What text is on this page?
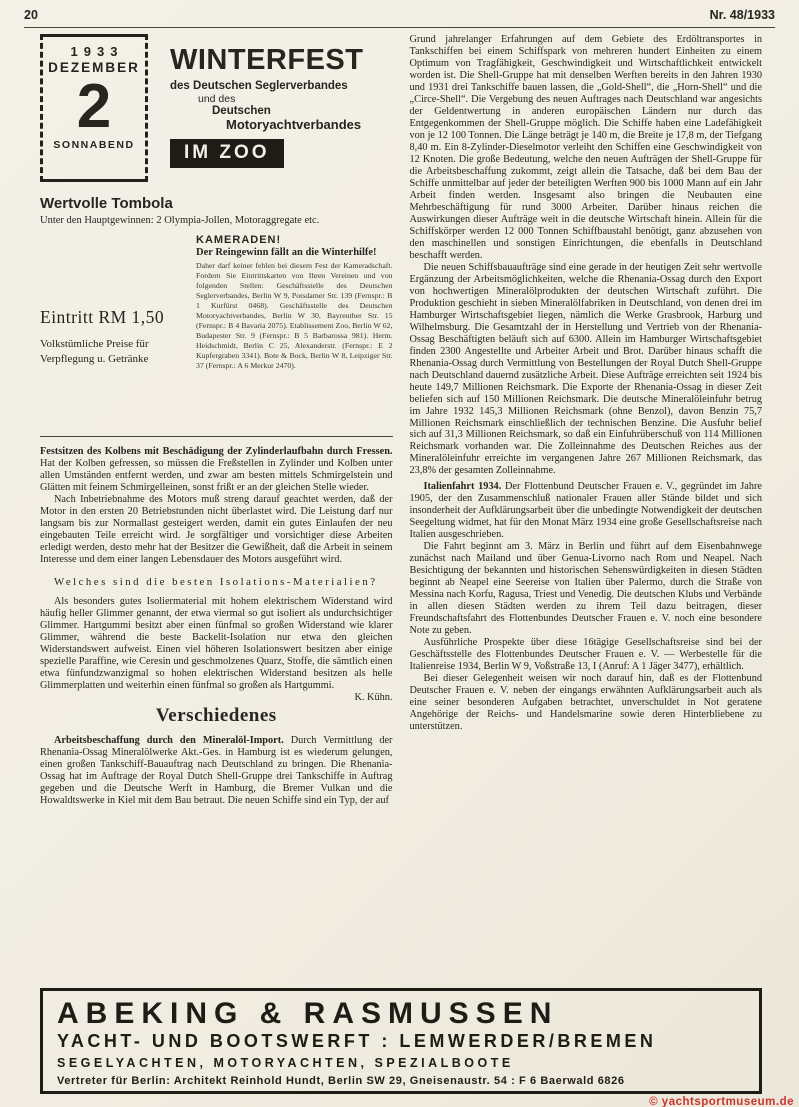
20	Nr. 48/1933
1933
DEZEMBER
2
SONNABEND
WINTERFEST
des Deutschen Seglerverbandes
und des
Deutschen
Motoryachtverbandes
IM ZOO
Wertvolle Tombola
Unter den Hauptgewinnen: 2 Olympia-Jollen, Motoraggregate etc.
Eintritt RM 1,50
Volkstümliche Preise für Verpflegung u. Getränke
KAMERADEN!
Der Reingewinn fällt an die Winterhilfe!
Daher darf keiner fehlen bei diesem Fest der Kameradschaft. Fordern Sie Eintrittskarten von Ihren Vereinen und von folgenden Stellen: Geschäftsstelle des Deutschen Seglerverbandes, Berlin W 9, Potsdamer Str. 139 (Fernspr.: B 1 Kurfürst 0468). Geschäftsstelle des Deutschen Motoryachtverbandes, Berlin W 30, Bayreuther Str. 15 (Fernspr.: B 4 Bavaria 2075). Etablissement Zoo, Berlin W 62, Budapester Str. 9 (Fernspr.: B 5 Barbarossa 981). Herm. Heidschmidt, Berlin C 25, Alexanderstr. (Fernspr.: E 2 Kupfergraben 3341). Bote & Bock, Berlin W 8, Leipziger Str. 37 (Fernspr.: A 6 Merkur 2470).

Festsitzen des Kolbens mit Beschädigung der Zylinderlaufbahn durch Fressen. Hat der Kolben gefressen, so müssen die Freßstellen in Zylinder und Kolben unter allen Umständen entfernt werden, und zwar am besten mittels Schmirgelstein und Glätten mit feinem Schmirgelleinen, sonst frißt er an der gleichen Stelle wieder.

Nach Inbetriebnahme des Motors muß streng darauf geachtet werden, daß der Motor in den ersten 20 Betriebstunden nicht überlastet wird. Die Leistung darf nur langsam bis zur Normallast gesteigert werden, damit ein gutes Einlaufen der neu eingebauten Teile erreicht wird. Je sorgfältiger und vorsichtiger diese Arbeiten erledigt werden, desto mehr hat der Besitzer die Gewißheit, daß die Arbeit in seinem Interesse und dem einer langen Lebensdauer des Motors ausgeführt wird.

Welches sind die besten Isolations-Materialien?

Als besonders gutes Isoliermaterial mit hohem elektrischem Widerstand wird häufig heller Glimmer genannt, der etwa viermal so gut isoliert als undurchsichtiger Glimmer. Hartgummi besitzt aber einen fünfmal so großen Widerstand wie klarer Glimmer, während die beste Backelit-Isolation nur etwa den gleichen Widerstandswert aufweist. Einen viel höheren Isolationswert besitzen aber einige spezielle Paraffine, wie Ceresin und geschmolzenes Quarz, Stoffe, die sämtlich einen etwa fünfundzwanzigmal so hohen elektrischen Widerstand besitzen als helle Glimmerplatten und weiterhin einen fünfmal so großen als Hartgummi.
K. Kühn.

Verschiedenes

Arbeitsbeschaffung durch den Mineralöl-Import. Durch Vermittlung der Rhenania-Ossag Mineralölwerke Akt.-Ges. in Hamburg ist es wiederum gelungen, einen großen Tankschiff-Bauauftrag nach Deutschland zu bringen. Die Rhenania-Ossag hat im Auftrage der Royal Dutch Shell-Gruppe drei Tankschiffe in Auftrag gegeben und die Deutsche Werft in Hamburg, die Bremer Vulkan und die Howaldtswerke in Kiel mit dem Bau betraut. Die neuen Schiffe sind ein Typ, der auf

Grund jahrelanger Erfahrungen auf dem Gebiete des Erdöltransportes in Tankschiffen bei einem Schiffspark von mehreren hundert Einheiten zu einem Optimum von Tragfähigkeit, Geschwindigkeit und Wirtschaftlichkeit entwickelt worden ist. Die Shell-Gruppe hat mit denselben Werften bereits in den Jahren 1930 und 1931 drei Tankschiffe bauen lassen, die „Gold-Shell“, die „Horn-Shell“ und die „Circe-Shell“. Die Vergebung des neuen Auftrages nach Deutschland war angesichts der Geldentwertung in anderen europäischen Ländern nur durch das Entgegenkommen der Shell-Gruppe möglich. Die Schiffe haben eine Ladefähigkeit von je 12 100 Tonnen. Die Länge beträgt je 140 m, die Breite je 17,8 m, der Tiefgang 8,40 m. Ein 8-Zylinder-Dieselmotor verleiht den Schiffen eine Geschwindigkeit von 12 Knoten. Die große Bedeutung, welche den neuen Aufträgen der Shell-Gruppe für die Arbeitsbeschaffung zukommt, zeigt allein die Tatsache, daß bei dem Bau der Schiffe unmittelbar auf jeder der beteiligten Werften 900 bis 1000 Mann auf ein Jahr Arbeit finden werden. Insgesamt also bringen die Neubauten eine Mehrbeschäftigung für rund 3000 Arbeiter. Darüber hinaus reichen die Auswirkungen dieser Aufträge weit in die deutsche Wirtschaft hinein. Allein für die Schiffskörper werden 12 000 Tonnen Schiffbaustahl benötigt, ganz abzusehen von den maschinellen und sonstigen Einrichtungen, die ebenfalls in Deutschland beschafft werden.

Die neuen Schiffsbauaufträge sind eine gerade in der heutigen Zeit sehr wertvolle Ergänzung der Arbeitsmöglichkeiten, welche die Rhenania-Ossag durch den Export von hochwertigen Mineralölprodukten der deutschen Wirtschaft zuführt. Die Produktion geschieht in sieben Mineralölfabriken in Deutschland, von denen drei im Hamburger Wirtschaftsgebiet liegen, nämlich die Werke Grasbrook, Harburg und Wilhelmsburg. Die Gesamtzahl der in Herstellung und Vertrieb von der Rhenania-Ossag Beschäftigten beläuft sich auf 6300. Allein im Hamburger Wirtschaftsgebiet finden 2300 Angestellte und Arbeiter Arbeit und Brot. Darüber hinaus schafft die Rhenania-Ossag durch Vermittlung von Bestellungen der Royal Dutch Shell-Gruppe nach Deutschland dauernd zusätzliche Arbeit. Diese Aufträge erreichten seit 1924 bis heute 149,7 Millionen Reichsmark. Die Exporte der Rhenania-Ossag in dieser Zeit beliefen sich auf 150 Millionen Reichsmark. Die deutsche Mineralöleinfuhr betrug im Jahre 1932 145,3 Millionen Reichsmark (ohne Benzol), davon Benzin 75,7 Millionen Reichsmark einschließlich der technischen Benzine. Die Ausfuhr belief sich auf 31,3 Millionen Reichsmark, so daß ein Einfuhrüberschuß von 114 Millionen Reichsmark vorhanden war. Die Zolleinnahme des Deutschen Reiches aus der Mineralöleinfuhr erreichte im vergangenen Jahre 267 Millionen Reichsmark, das 23,8% der gesamten Zolleinnahme.

Italienfahrt 1934. Der Flottenbund Deutscher Frauen e. V., gegründet im Jahre 1905, der den Zusammenschluß nationaler Frauen aller Stände bildet und sich insonderheit der Aufklärungsarbeit über die unbedingte Notwendigkeit der deutschen Seegeltung widmet, hat für den Monat März 1934 eine große Gesellschaftsreise nach Italien ausgeschrieben.

Die Fahrt beginnt am 3. März in Berlin und führt auf dem Eisenbahnwege zunächst nach Mailand und über Genua-Livorno nach Rom und Neapel. Nach Besichtigung der bekannten und historischen Sehenswürdigkeiten in diesen Städten beginnt ab Neapel eine Seereise von Italien über Palermo, durch die Straße von Messina nach Korfu, Ragusa, Triest und Venedig. Die deutschen Klubs und Verbände in allen diesen Städten werden zu ihrem Teil dazu beitragen, dieser Freundschaftsfahrt des Flottenbundes Deutscher Frauen e. V. noch eine besondere Note zu geben.

Ausführliche Prospekte über diese 16tägige Gesellschaftsreise sind bei der Geschäftsstelle des Flottenbundes Deutscher Frauen e. V. — Werbestelle für die Italienreise 1934, Berlin W 9, Voßstraße 13, I (Anruf: A 1 Jäger 3477), erhältlich.

Bei dieser Gelegenheit weisen wir noch darauf hin, daß es der Flottenbund Deutscher Frauen e. V. neben der eingangs erwähnten Aufklärungsarbeit auch als eine seiner besonderen Aufgaben betrachtet, unverschuldet in Not geratene Angehörige der Reichs- und Handelsmarine sowie deren Hinterbliebene zu unterstützen.

ABEKING & RASMUSSEN
YACHT- UND BOOTSWERFT : LEMWERDER/BREMEN
SEGELYACHTEN, MOTORYACHTEN, SPEZIALBOOTE
Vertreter für Berlin: Architekt Reinhold Hundt, Berlin SW 29, Gneisenaustr. 54 : F 6 Baerwald 6826
© yachtsportmuseum.de
